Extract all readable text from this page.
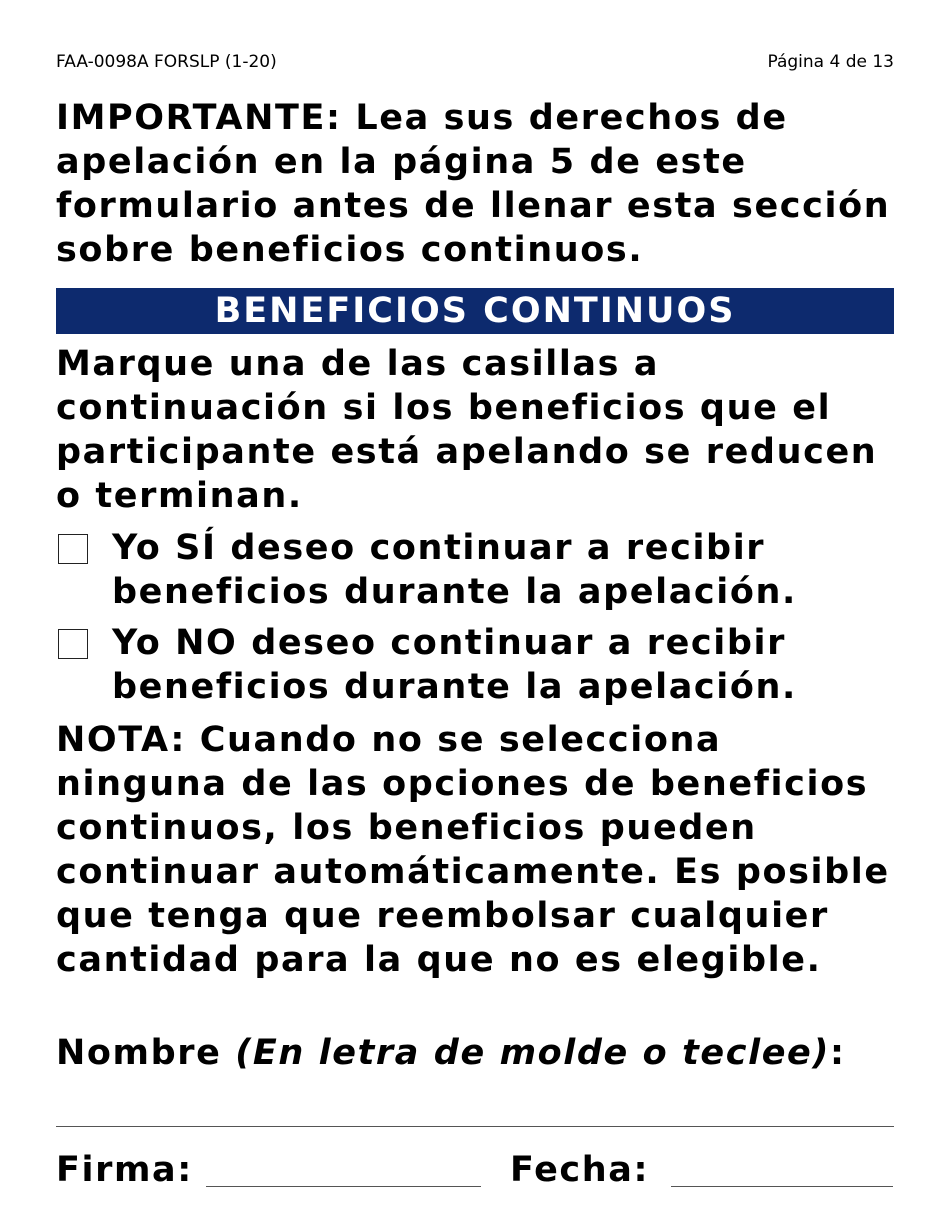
FAA-0098A FORSLP (1-20)	Página 4 de 13

IMPORTANTE: Lea sus derechos de apelación en la página 5 de este formulario antes de llenar esta sección sobre beneficios continuos.

BENEFICIOS CONTINUOS

Marque una de las casillas a continuación si los beneficios que el participante está apelando se reducen o terminan.

Yo SÍ deseo continuar a recibir beneficios durante la apelación.

Yo NO deseo continuar a recibir beneficios durante la apelación.

NOTA: Cuando no se selecciona ninguna de las opciones de beneficios continuos, los beneficios pueden continuar automáticamente. Es posible que tenga que reembolsar cualquier cantidad para la que no es elegible.

Nombre (En letra de molde o teclee):

Firma:	Fecha:
